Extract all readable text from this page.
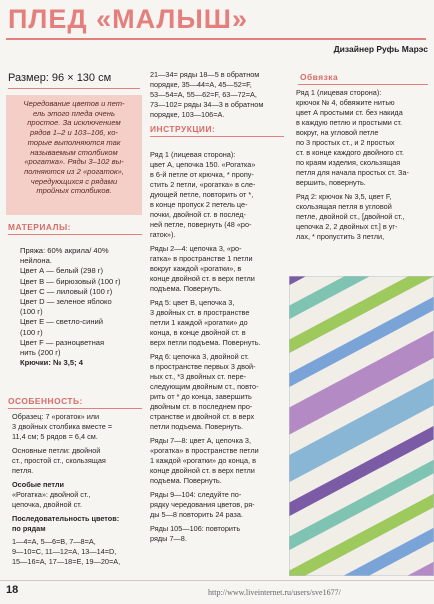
ПЛЕД «МАЛЫШ»
Дизайнер Руфь Марэс
Размер: 96 × 130 см
Чередование цветов и пет-
ель этого пледа очень
простое. За исключением
рядов 1–2 и 103–106, ко-
торые выполняются так
называемым столбиком
«рогатка». Ряды 3–102 вы-
полняются из 2 «рогаток»,
чередующихся с рядами
тройных столбиков.
МАТЕРИАЛЫ:
Пряжа: 60% акрила/ 40%
нейлона.
Цвет А — белый (298 г)
Цвет В — бирюзовый (100 г)
Цвет С — лиловый (100 г)
Цвет D — зеленое яблоко
(100 г)
Цвет Е — светло-синий
(100 г)
Цвет F — разноцветная
нить (200 г)
Крючки: № 3,5; 4
ОСОБЕННОСТЬ:
Образец: 7 «рогаток» или
3 двойных столбика вместе =
11,4 см; 5 рядов = 6,4 см.
Основные петли: двойной
ст., простой ст., скользящая
петля.
Особые петли
«Рогатка»: двойной ст.,
цепочка, двойной ст.
Последовательность цветов:
по рядам
1—4=А, 5—6=В, 7—8=А,
9—10=С, 11—12=А, 13—14=D,
15—16=А, 17—18=Е, 19—20=А,
21—34= ряды 18—5 в обратном
порядке, 35—44=А, 45—52=F,
53—54=А, 55—62=F, 63—72=А,
73—102= ряды 34—3 в обратном
порядке, 103—106=А.
ИНСТРУКЦИИ:
Ряд 1 (лицевая сторона):
цвет А, цепочка 150. «Рогатка»
в 6-й петле от крючка, * пропу-
стить 2 петли, «рогатка» в сле-
дующей петле, повторить от *,
в конце пропуск 2 петель це-
почки, двойной ст. в послед-
ней петле, повернуть (48 «ро-
гаток»).
Ряды 2—4: цепочка 3, «ро-
гатка» в пространстве 1 петли
вокруг каждой «рогатки», в
конце двойной ст. в верх петли
подъема. Повернуть.
Ряд 5: цвет В, цепочка 3,
3 двойных ст. в пространстве
петли 1 каждой «рогатки» до
конца, в конце двойной ст. в
верх петли подъема. Повернуть.
Ряд 6: цепочка 3, двойной ст.
в пространстве первых 3 двой-
ных ст., *3 двойных ст. пере-
следующим двойным ст., повто-
рить от * до конца, завершить
двойным ст. в последнем про-
странстве и двойной ст. в верх
петли подъема. Повернуть.
Ряды 7—8: цвет А, цепочка 3,
«рогатка» в пространстве петли
1 каждой «рогатки» до конца, в
конце двойной ст. в верх петли
подъема. Повернуть.
Ряды 9—104: следуйте по-
рядку чередования цветов, ря-
ды 5—8 повторить 24 раза.
Ряды 105—106: повторить
ряды 7—8.
Обвязка
Ряд 1 (лицевая сторона):
крючок № 4, обвяжите нитью
цвет А простыми ст. без накида
в каждую петлю и простыми ст.
вокруг, на угловой петле
по 3 простых ст., и 2 простых
ст. в конце каждого двойного ст.
по краям изделия, скользящая
петля для начала простых ст. За-
вершить, повернуть.
Ряд 2: крючок № 3,5, цвет F,
скользящая петля в угловой
петле, двойной ст., [двойной ст.,
цепочка 2, 2 двойных ст.] в уг-
лах, * пропустить 3 петли,
18	http://www.liveinternet.ru/users/sve1677/
